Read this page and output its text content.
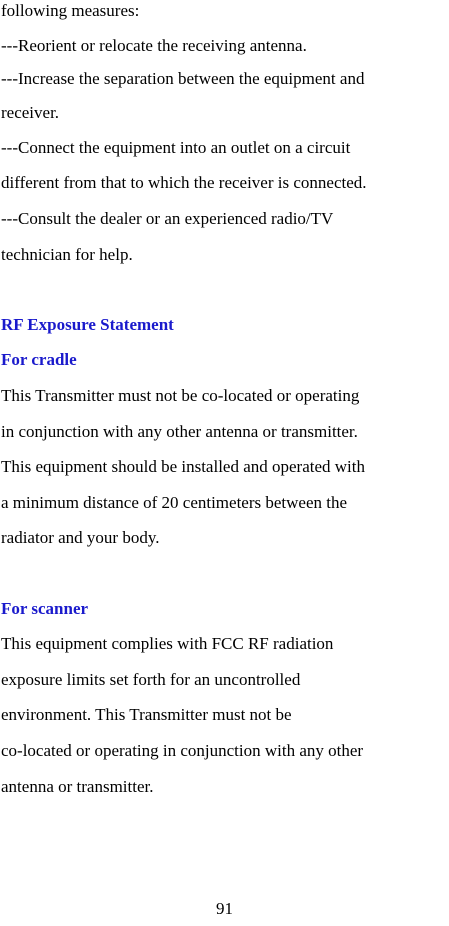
following measures:
---Reorient or relocate the receiving antenna.
---Increase the separation between the equipment and
receiver.
---Connect the equipment into an outlet on a circuit
different from that to which the receiver is connected.
---Consult the dealer or an experienced radio/TV
technician for help.
RF Exposure Statement
For cradle
This Transmitter must not be co-located or operating
in conjunction with any other antenna or transmitter.
This equipment should be installed and operated with
a minimum distance of 20 centimeters between the
radiator and your body.
For scanner
This equipment complies with FCC RF radiation
exposure limits set forth for an uncontrolled
environment. This Transmitter must not be
co-located or operating in conjunction with any other
antenna or transmitter.
91
